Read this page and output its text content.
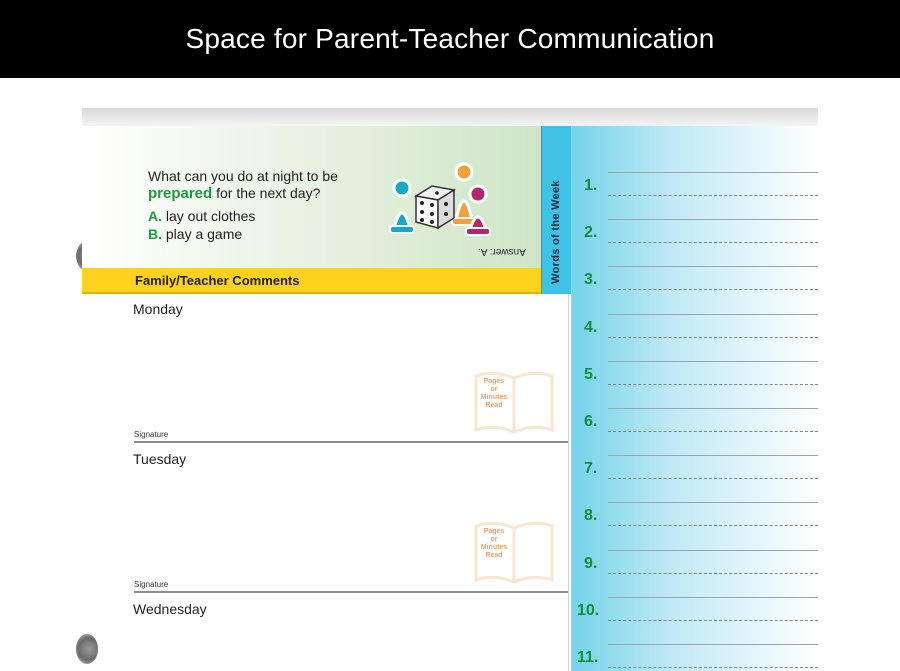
Space for Parent-Teacher Communication
What can you do at night to be
prepared for the next day?
A. lay out clothes
B. play a game
Answer: A.
Family/Teacher Comments	Words of the Week 1.
2.
3.
4.
5.
6.
7.
8.
9.
10.
11.
Monday
Signature
Tuesday
Signature
Wednesday
Pages
or
Minutes
Read
Pages
or
Minutes
Read
